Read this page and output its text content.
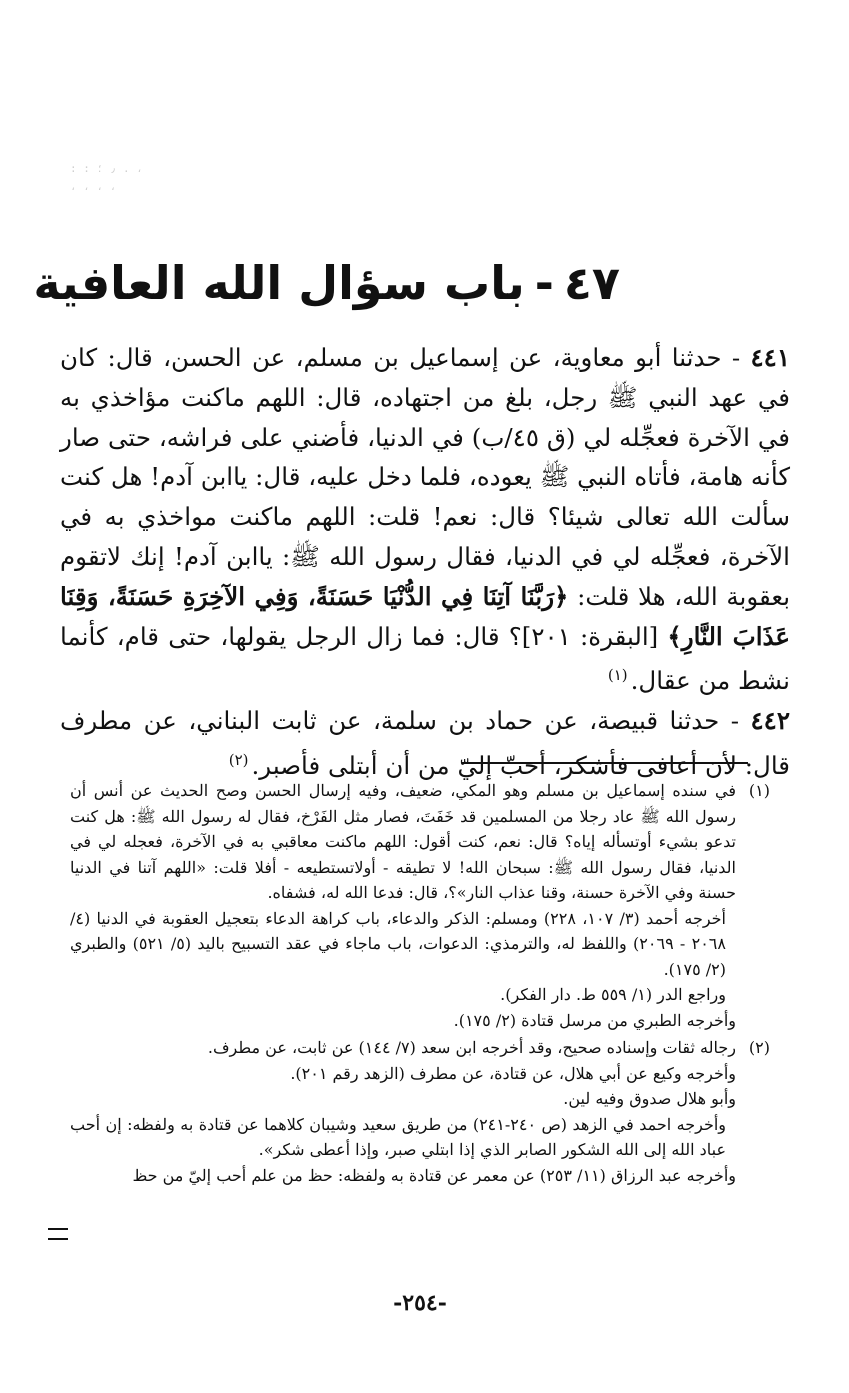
: : ٫ ؛ . ، ، ، ، ،
٤٧-باب سؤال الله العافية

٤٤١ - حدثنا أبو معاوية، عن إسماعيل بن مسلم، عن الحسن، قال: كان في عهد النبي ﷺ رجل، بلغ من اجتهاده، قال: اللهم ماكنت مؤاخذي به في الآخرة فعجِّله لي (ق ٤٥/ب) في الدنيا، فأضني على فراشه، حتى صار كأنه هامة، فأتاه النبي ﷺ يعوده، فلما دخل عليه، قال: ياابن آدم! هل كنت سألت الله تعالى شيئا؟ قال: نعم! قلت: اللهم ماكنت مواخذي به في الآخرة، فعجِّله لي في الدنيا، فقال رسول الله ﷺ: ياابن آدم! إنك لاتقوم بعقوبة الله، هلا قلت: ﴿رَبَّنَا آتِنَا فِي الدُّنْيَا حَسَنَةً، وَفِي الآخِرَةِ حَسَنَةً، وَقِنَا عَذَابَ النَّارِ﴾ [البقرة: ٢٠١]؟ قال: فما زال الرجل يقولها، حتى قام، كأنما نشط من عقال.$^{(١)}$

٤٤٢ - حدثنا قبيصة، عن حماد بن سلمة، عن ثابت البناني، عن مطرف قال: لأن أعافى فأشكر، أحبّ إليّ من أن أبتلى فأصبر.$^{(٢)}$

(١)

في سنده إسماعيل بن مسلم وهو المكي، ضعيف، وفيه إرسال الحسن وصح الحديث عن أنس أن رسول الله ﷺ عاد رجلا من المسلمين قد خَفَتَ، فصار مثل الفَرْخ، فقال له رسول الله ﷺ: هل كنت تدعو بشيء أوتسأله إياه؟ قال: نعم، كنت أقول: اللهم ماكنت معاقبي به في الآخرة، فعجله لي في الدنيا، فقال رسول الله ﷺ: سبحان الله! لا تطيقه - أولاتستطيعه - أفلا قلت: «اللهم آتنا في الدنيا حسنة وفي الآخرة حسنة، وقنا عذاب النار»؟، قال: فدعا الله له، فشفاه.

أخرجه أحمد (٣/ ١٠٧، ٢٢٨) ومسلم: الذكر والدعاء، باب كراهة الدعاء بتعجيل العقوبة في الدنيا (٤/ ٢٠٦٨ - ٢٠٦٩) واللفظ له، والترمذي: الدعوات، باب ماجاء في عقد التسبيح باليد (٥/ ٥٢١) والطبري (٢/ ١٧٥).

وراجع الدر (١/ ٥٥٩ ط. دار الفكر).

وأخرجه الطبري من مرسل قتادة (٢/ ١٧٥).

(٢)

رجاله ثقات وإسناده صحيح، وقد أخرجه ابن سعد (٧/ ١٤٤) عن ثابت، عن مطرف.

وأخرجه وكيع عن أبي هلال، عن قتادة، عن مطرف (الزهد رقم ٢٠١).

وأبو هلال صدوق وفيه لين.

وأخرجه احمد في الزهد (ص ٢٤٠-٢٤١) من طريق سعيد وشيبان كلاهما عن قتادة به ولفظه: إن أحب عباد الله إلى الله الشكور الصابر الذي إذا ابتلي صبر، وإذا أعطى شكر».

وأخرجه عبد الرزاق (١١/ ٢٥٣) عن معمر عن قتادة به ولفظه: حظ من علم أحب إليّ من حظ

-٢٥٤-
